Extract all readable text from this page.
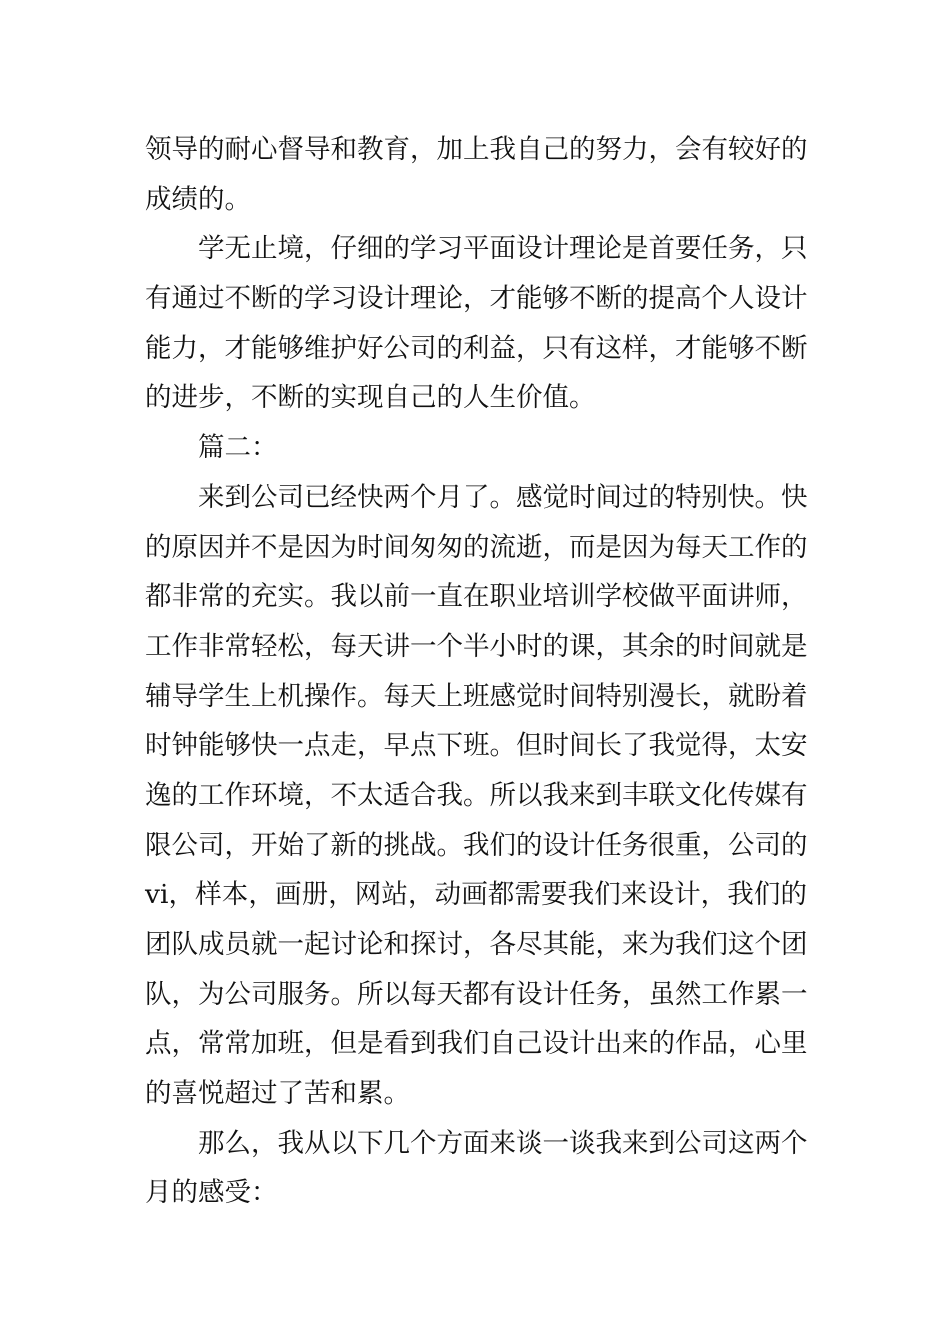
领导的耐心督导和教育，加上我自己的努力，会有较好的
成绩的。
学无止境，仔细的学习平面设计理论是首要任务，只
有通过不断的学习设计理论，才能够不断的提高个人设计
能力，才能够维护好公司的利益，只有这样，才能够不断
的进步，不断的实现自己的人生价值。
篇二：
来到公司已经快两个月了。感觉时间过的特别快。快
的原因并不是因为时间匆匆的流逝，而是因为每天工作的
都非常的充实。我以前一直在职业培训学校做平面讲师，
工作非常轻松，每天讲一个半小时的课，其余的时间就是
辅导学生上机操作。每天上班感觉时间特别漫长，就盼着
时钟能够快一点走，早点下班。但时间长了我觉得，太安
逸的工作环境，不太适合我。所以我来到丰联文化传媒有
限公司，开始了新的挑战。我们的设计任务很重，公司的
vi，样本，画册，网站，动画都需要我们来设计，我们的
团队成员就一起讨论和探讨，各尽其能，来为我们这个团
队，为公司服务。所以每天都有设计任务，虽然工作累一
点，常常加班，但是看到我们自己设计出来的作品，心里
的喜悦超过了苦和累。
那么，我从以下几个方面来谈一谈我来到公司这两个
月的感受：
